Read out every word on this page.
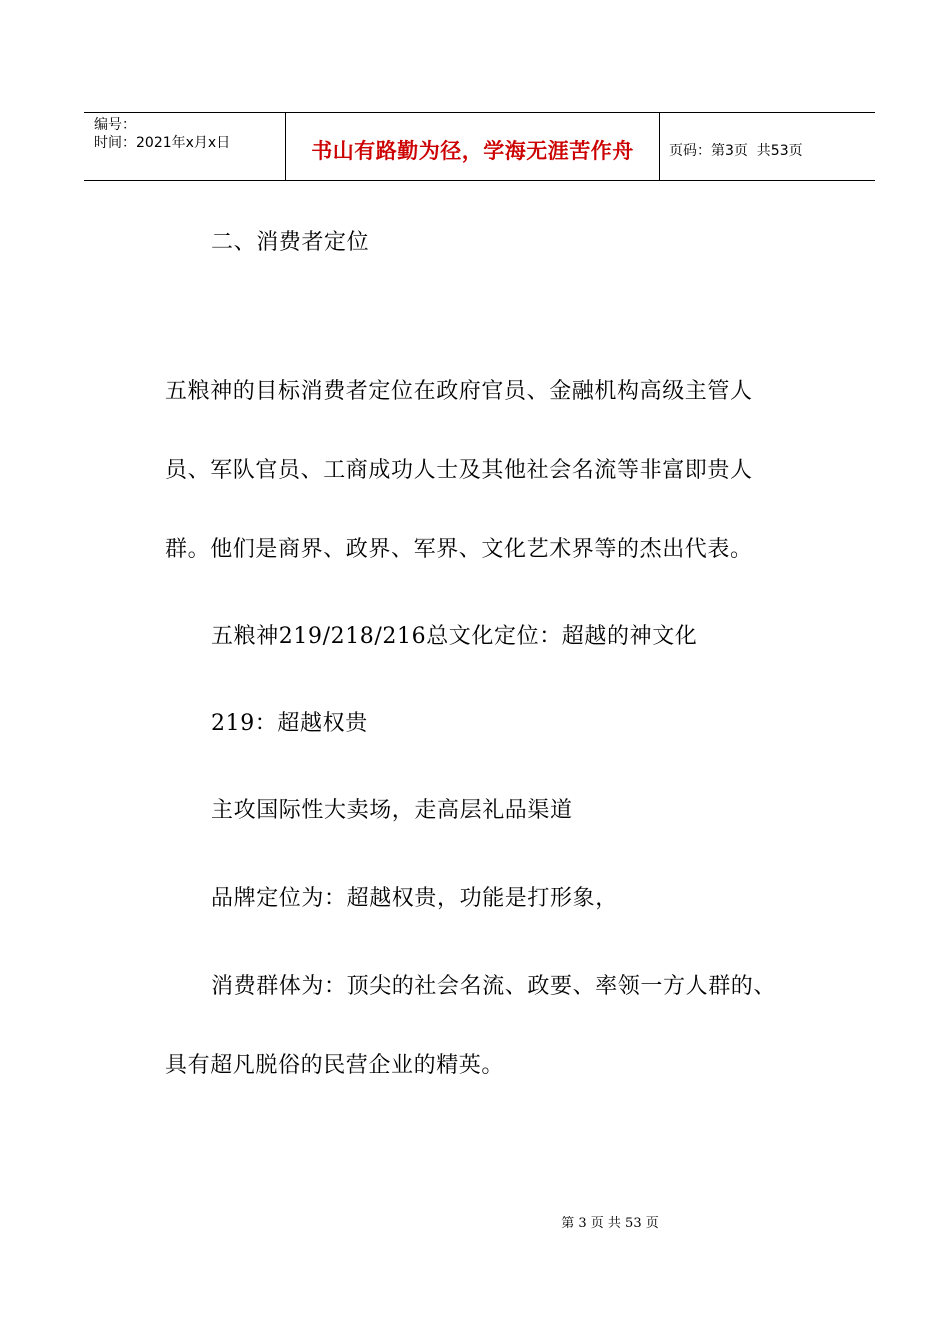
编号：
时间：2021年x月x日	书山有路勤为径，学海无涯苦作舟	页码：第3页  共53页
二、消费者定位
五粮神的目标消费者定位在政府官员、金融机构高级主管人
员、军队官员、工商成功人士及其他社会名流等非富即贵人
群。他们是商界、政界、军界、文化艺术界等的杰出代表。
五粮神219/218/216总文化定位：超越的神文化
219：超越权贵
主攻国际性大卖场，走高层礼品渠道
品牌定位为：超越权贵，功能是打形象，
消费群体为：顶尖的社会名流、政要、率领一方人群的、
具有超凡脱俗的民营企业的精英。
第 3 页 共 53 页
